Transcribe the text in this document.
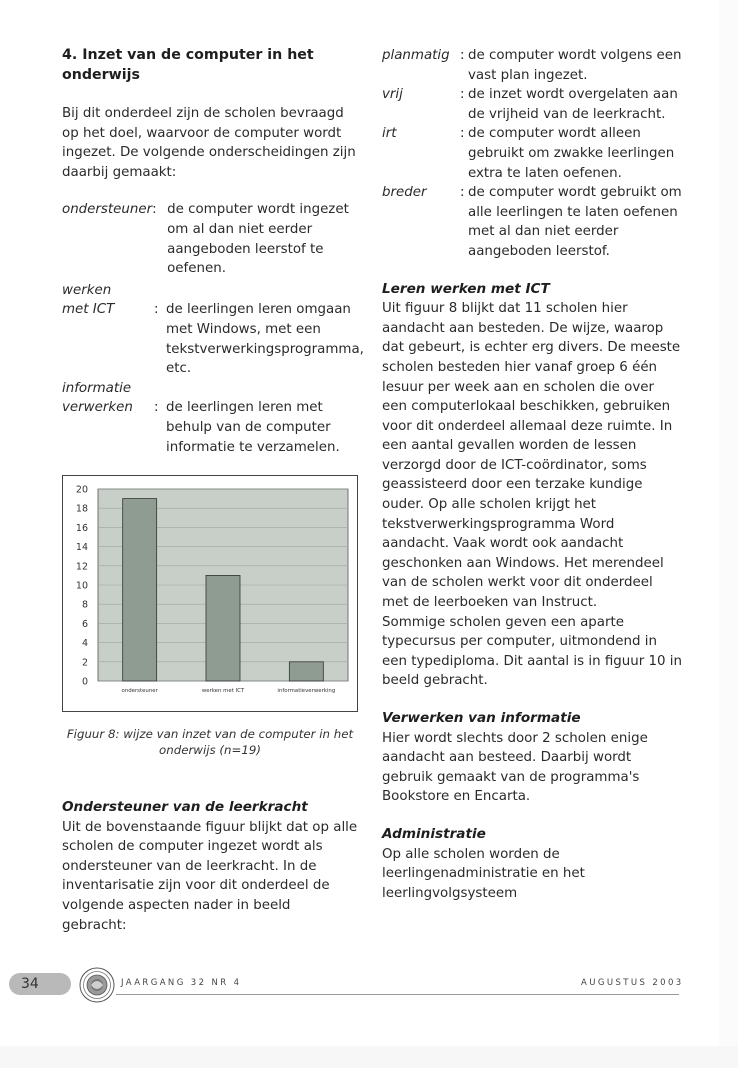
4. Inzet van de computer in het onderwijs

Bij dit onderdeel zijn de scholen bevraagd op het doel, waarvoor de computer wordt ingezet. De volgende onderscheidingen zijn daarbij gemaakt:

ondersteuner : de computer wordt ingezet om al dan niet eerder aangeboden leerstof te oefenen.
werken
met ICT	: de leerlingen leren omgaan met Windows, met een tekstverwerkingsprogramma, etc.
informatie
verwerken	: de leerlingen leren met behulp van de computer informatie te verzamelen.
0
2
4
6
8
10
12
14
16
18
20
ondersteuner	werken met ICT	informatieverwerking

Figuur 8: wijze van inzet van de computer in het onderwijs (n=19)

Ondersteuner van de leerkracht

Uit de bovenstaande figuur blijkt dat op alle scholen de computer ingezet wordt als ondersteuner van de leerkracht. In de inventarisatie zijn voor dit onderdeel de volgende aspecten nader in beeld gebracht:

planmatig : de computer wordt volgens een vast plan ingezet.
vrij	: de inzet wordt overgelaten aan de vrijheid van de leerkracht.
irt	: de computer wordt alleen gebruikt om zwakke leerlingen extra te laten oefenen.
breder	: de computer wordt gebruikt om alle leerlingen te laten oefenen met al dan niet eerder aangeboden leerstof.
Leren werken met ICT

Uit figuur 8 blijkt dat 11 scholen hier aandacht aan besteden. De wijze, waarop dat gebeurt, is echter erg divers. De meeste scholen besteden hier vanaf groep 6 één lesuur per week aan en scholen die over een computerlokaal beschikken, gebruiken voor dit onderdeel allemaal deze ruimte. In een aantal gevallen worden de lessen verzorgd door de ICT-coördinator, soms geassisteerd door een terzake kundige ouder. Op alle scholen krijgt het tekstverwerkingsprogramma Word aandacht. Vaak wordt ook aandacht geschonken aan Windows. Het merendeel van de scholen werkt voor dit onderdeel met de leerboeken van Instruct.

Sommige scholen geven een aparte typecursus per computer, uitmondend in een typediploma. Dit aantal is in figuur 10 in beeld gebracht.

Verwerken van informatie

Hier wordt slechts door 2 scholen enige aandacht aan besteed. Daarbij wordt gebruik gemaakt van de programma's Bookstore en Encarta.

Administratie

Op alle scholen worden de leerlingenadministratie en het leerlingvolgsysteem

34	JAARGANG 32 NR 4	AUGUSTUS 2003
